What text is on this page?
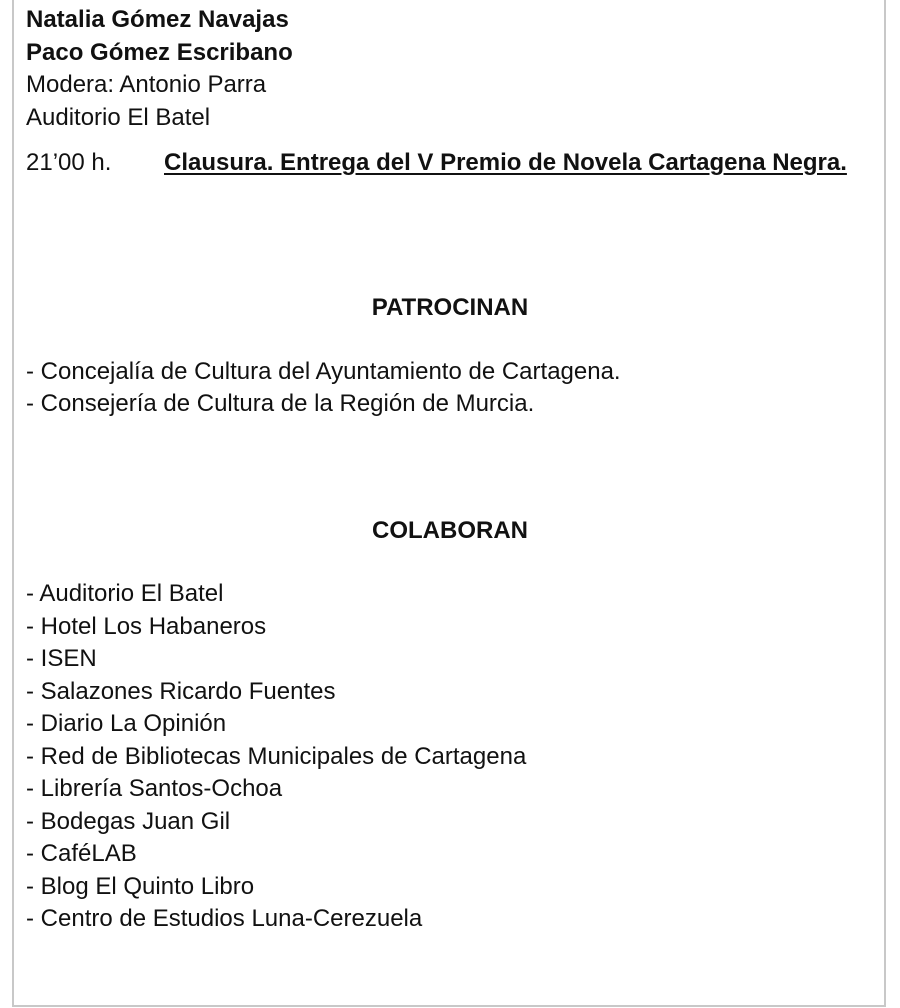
Natalia Gómez Navajas

Paco Gómez Escribano

Modera: Antonio Parra

Auditorio El Batel

21’00 h. Clausura. Entrega del V Premio de Novela Cartagena Negra.

PATROCINAN

- Concejalía de Cultura del Ayuntamiento de Cartagena.
- Consejería de Cultura de la Región de Murcia.

COLABORAN

- Auditorio El Batel
- Hotel Los Habaneros
- ISEN
- Salazones Ricardo Fuentes
- Diario La Opinión
- Red de Bibliotecas Municipales de Cartagena
- Librería Santos-Ochoa
- Bodegas Juan Gil
- CaféLAB
- Blog El Quinto Libro
- Centro de Estudios Luna-Cerezuela
